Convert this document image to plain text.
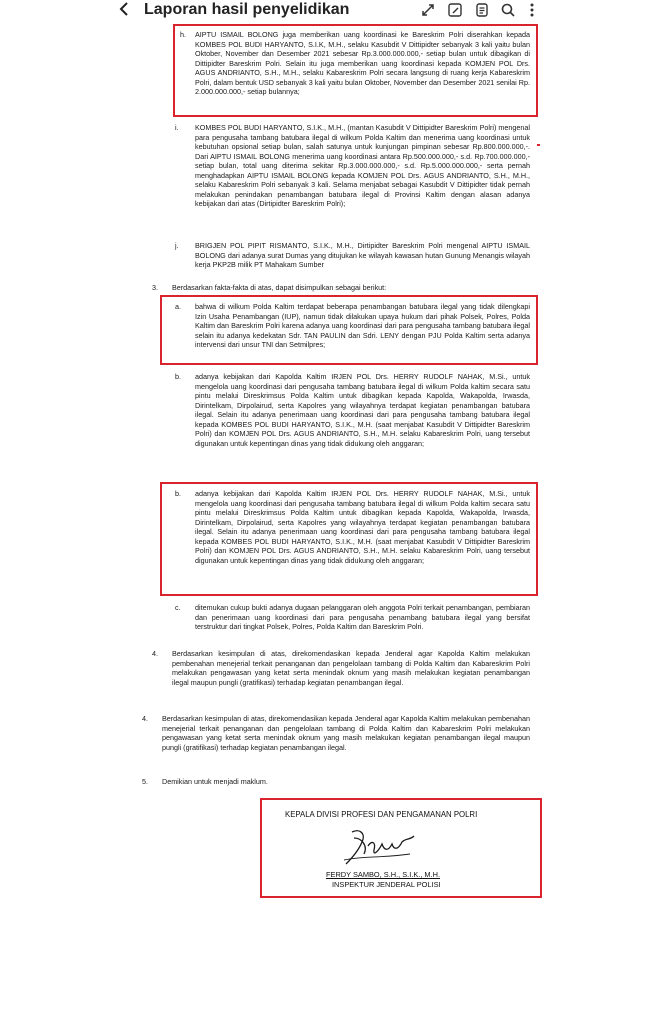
Laporan hasil penyelidikan
h. AIPTU ISMAIL BOLONG juga memberikan uang koordinasi ke Bareskrim Polri diserahkan kepada KOMBES POL BUDI HARYANTO, S.I.K, M.H., selaku Kasubdit V Dittipidter sebanyak 3 kali yaitu bulan Oktober, November dan Desember 2021 sebesar Rp.3.000.000.000,- setiap bulan untuk dibagikan di Dittipidter Bareskrim Polri. Selain itu juga memberikan uang koordinasi kepada KOMJEN POL Drs. AGUS ANDRIANTO, S.H., M.H., selaku Kabareskrim Polri secara langsung di ruang kerja Kabareskrim Polri, dalam bentuk USD sebanyak 3 kali yaitu bulan Oktober, November dan Desember 2021 senilai Rp. 2.000.000.000,- setiap bulannya;

i. KOMBES POL BUDI HARYANTO, S.I.K., M.H., (mantan Kasubdit V Dittipidter Bareskrim Polri) mengenal para pengusaha tambang batubara ilegal di wilkum Polda Kaltim dan menerima uang koordinasi untuk kebutuhan opsional setiap bulan, salah satunya untuk kunjungan pimpinan sebesar Rp.800.000.000,-. Dari AIPTU ISMAIL BOLONG menerima uang koordinasi antara Rp.500.000.000,- s.d. Rp.700.000.000,- setiap bulan, total uang diterima sekitar Rp.3.000.000.000,- s.d. Rp.5.000.000.000,- serta pernah menghadapkan AIPTU ISMAIL BOLONG kepada KOMJEN POL Drs. AGUS ANDRIANTO, S.H., M.H., selaku Kabareskrim Polri sebanyak 3 kali. Selama menjabat sebagai Kasubdit V Dittipidter tidak pernah melakukan penindakan penambangan batubara ilegal di Provinsi Kaltim dengan alasan adanya kebijakan dari atas (Dirtipidter Bareskrim Polri);

j. BRIGJEN POL PIPIT RISMANTO, S.I.K., M.H., Dirtipidter Bareskrim Polri mengenal AIPTU ISMAIL BOLONG dari adanya surat Dumas yang ditujukan ke wilayah kawasan hutan Gunung Menangis wilayah kerja PKP2B milik PT Mahakam Sumber

3. Berdasarkan fakta-fakta di atas, dapat disimpulkan sebagai berikut:

a. bahwa di wilkum Polda Kaltim terdapat beberapa penambangan batubara ilegal yang tidak dilengkapi Izin Usaha Penambangan (IUP), namun tidak dilakukan upaya hukum dari pihak Polsek, Polres, Polda Kaltim dan Bareskrim Polri karena adanya uang koordinasi dari para pengusaha tambang batubara ilegal selain itu adanya kedekatan Sdr. TAN PAULIN dan Sdri. LENY dengan PJU Polda Kaltim serta adanya intervensi dari unsur TNI dan Setmilpres;

b. adanya kebijakan dari Kapolda Kaltim IRJEN POL Drs. HERRY RUDOLF NAHAK, M.Si., untuk mengelola uang koordinasi dari pengusaha tambang batubara ilegal di wilkum Polda kaltim secara satu pintu melalui Direskrimsus Polda Kaltim untuk dibagikan kepada Kapolda, Wakapolda, Irwasda, Dirintelkam, Dirpolairud, serta Kapolres yang wilayahnya terdapat kegiatan penambangan batubara ilegal. Selain itu adanya penerimaan uang koordinasi dari para pengusaha tambang batubara ilegal kepada KOMBES POL BUDI HARYANTO, S.I.K., M.H. (saat menjabat Kasubdit V Dittipidter Bareskrim Polri) dan KOMJEN POL Drs. AGUS ANDRIANTO, S.H., M.H. selaku Kabareskrim Polri, uang tersebut digunakan untuk kepentingan dinas yang tidak didukung oleh anggaran;

b. adanya kebijakan dari Kapolda Kaltim IRJEN POL Drs. HERRY RUDOLF NAHAK, M.Si., untuk mengelola uang koordinasi dari pengusaha tambang batubara ilegal di wilkum Polda kaltim secara satu pintu melalui Direskrimsus Polda Kaltim untuk dibagikan kepada Kapolda, Wakapolda, Irwasda, Dirintelkam, Dirpolairud, serta Kapolres yang wilayahnya terdapat kegiatan penambangan batubara ilegal. Selain itu adanya penerimaan uang koordinasi dari para pengusaha tambang batubara ilegal kepada KOMBES POL BUDI HARYANTO, S.I.K., M.H. (saat menjabat Kasubdit V Dittipidter Bareskrim Polri) dan KOMJEN POL Drs. AGUS ANDRIANTO, S.H., M.H. selaku Kabareskrim Polri, uang tersebut digunakan untuk kepentingan dinas yang tidak didukung oleh anggaran;

c. ditemukan cukup bukti adanya dugaan pelanggaran oleh anggota Polri terkait penambangan, pembiaran dan penerimaan uang koordinasi dari para pengusaha penambang batubara ilegal yang bersifat terstruktur dari tingkat Polsek, Polres, Polda Kaltim dan Bareskrim Polri.

4. Berdasarkan kesimpulan di atas, direkomendasikan kepada Jenderal agar Kapolda Kaltim melakukan pembenahan menejerial terkait penanganan dan pengelolaan tambang di Polda Kaltim dan Kabareskrim Polri melakukan pengawasan yang ketat serta menindak oknum yang masih melakukan kegiatan penambangan ilegal maupun pungli (gratifikasi) terhadap kegiatan penambangan ilegal.

4. Berdasarkan kesimpulan di atas, direkomendasikan kepada Jenderal agar Kapolda Kaltim melakukan pembenahan menejerial terkait penanganan dan pengelolaan tambang di Polda Kaltim dan Kabareskrim Polri melakukan pengawasan yang ketat serta menindak oknum yang masih melakukan kegiatan penambangan ilegal maupun pungli (gratifikasi) terhadap kegiatan penambangan ilegal.

5. Demikian untuk menjadi maklum.

KEPALA DIVISI PROFESI DAN PENGAMANAN POLRI
FERDY SAMBO, S.H., S.I.K., M.H.
INSPEKTUR JENDERAL POLISI
